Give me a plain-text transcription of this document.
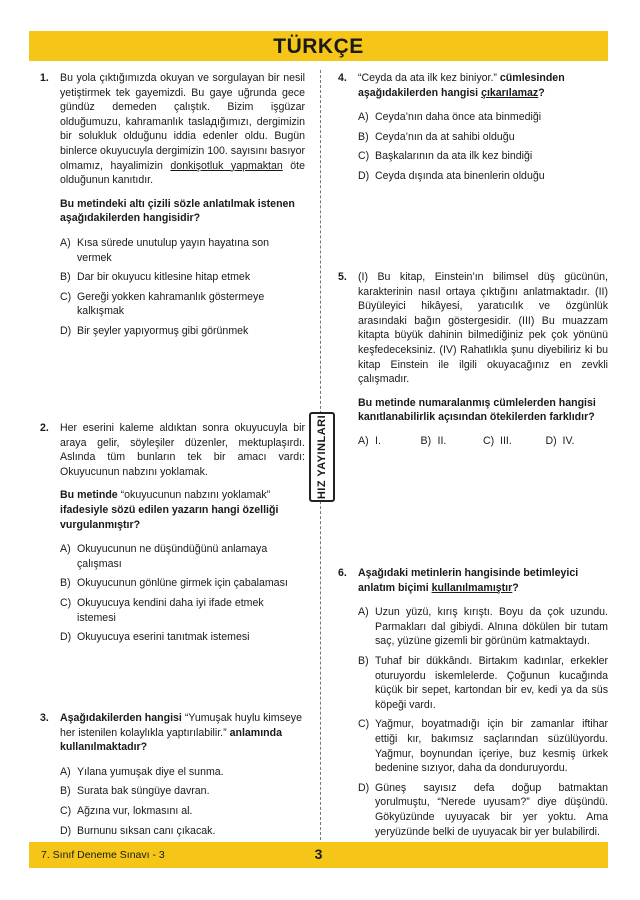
TÜRKÇE
HIZ YAYINLARI
1. Bu yola çıktığımızda okuyan ve sorgulayan bir nesil yetiştirmek tek gayemizdi. Bu gaye uğrunda gece gündüz demeden çalıştık. Bizim işgüzar olduğumuzu, kahramanlık taslадığımızı, dergimizin bir solukluk olduğunu iddia edenler oldu. Bugün binlerce okuyucuyla dergimizin 100. sayısını basıyor olmamız, hayalimizin donkişotluk yapmaktan öte olduğunun kanıtıdır.
Bu metindeki altı çizili sözle anlatılmak istenen aşağıdakilerden hangisidir?
A) Kısa sürede unutulup yayın hayatına son vermek
B) Dar bir okuyucu kitlesine hitap etmek
C) Gereği yokken kahramanlık göstermeye kalkışmak
D) Bir şeyler yapıyormuş gibi görünmek
2. Her eserini kaleme aldıktan sonra okuyucuyla bir araya gelir, söyleşiler düzenler, mektuplaşırdı. Aslında tüm bunların tek bir amacı vardı: Okuyucunun nabzını yoklamak.
Bu metinde “okuyucunun nabzını yoklamak” ifadesiyle sözü edilen yazarın hangi özelliği vurgulanmıştır?
A) Okuyucunun ne düşündüğünü anlamaya çalışması
B) Okuyucunun gönlüne girmek için çabalaması
C) Okuyucuya kendini daha iyi ifade etmek istemesi
D) Okuyucuya eserini tanıtmak istemesi
3. Aşağıdakilerden hangisi “Yumuşak huylu kimseye her istenilen kolaylıkla yaptırılabilir.” anlamında kullanılmaktadır?
A) Yılana yumuşak diye el sunma.
B) Surata bak süngüye davran.
C) Ağzına vur, lokmasını al.
D) Burnunu sıksan canı çıkacak.
4. “Ceyda da ata ilk kez biniyor.” cümlesinden aşağıdakilerden hangisi çıkarılamaz?
A) Ceyda’nın daha önce ata binmediği
B) Ceyda’nın da at sahibi olduğu
C) Başkalarının da ata ilk kez bindiği
D) Ceyda dışında ata binenlerin olduğu
5. (I) Bu kitap, Einstein’ın bilimsel düş gücünün, karakterinin nasıl ortaya çıktığını anlatmaktadır. (II) Büyüleyici hikâyesi, yaratıcılık ve özgünlük arasındaki bağın göstergesidir. (III) Bu muazzam kitapta büyük dahinin bilmediğiniz pek çok yönünü keşfedeceksiniz. (IV) Rahatlıkla şunu diyebiliriz ki bu kitap Einstein ile ilgili okuyacağınız en zevkli çalışmadır.
Bu metinde numaralanmış cümlelerden hangisi kanıtlanabilirlik açısından ötekilerden farklıdır?
A) I.	B) II.	C) III.	D) IV.
6. Aşağıdaki metinlerin hangisinde betimleyici anlatım biçimi kullanılmamıştır?
A) Uzun yüzü, kırış kırıştı. Boyu da çok uzundu. Parmakları dal gibiydi. Alnına dökülen bir tutam saç, yüzüne gizemli bir görünüm katmaktaydı.
B) Tuhaf bir dükkândı. Birtakım kadınlar, erkekler oturuyordu iskemlelerde. Çoğunun kucağında küçük bir sepet, kartondan bir ev, kedi ya da süs köpeği vardı.
C) Yağmur, boyatmadığı için bir zamanlar iftihar ettiği kır, bakımsız saçlarından süzülüyordu. Yağmur, boynundan içeriye, buz kesmiş ürkek bedenine sızıyor, daha da donduruyordu.
D) Güneş sayısız defa doğup batmaktan yorulmuştu, “Nerede uyusam?” diye düşündü. Gökyüzünde uyuyacak bir yer yoktu. Ama yeryüzünde belki de uyuyacak bir yer bulabilirdi.
7. Sınıf Deneme Sınavı - 3	3
